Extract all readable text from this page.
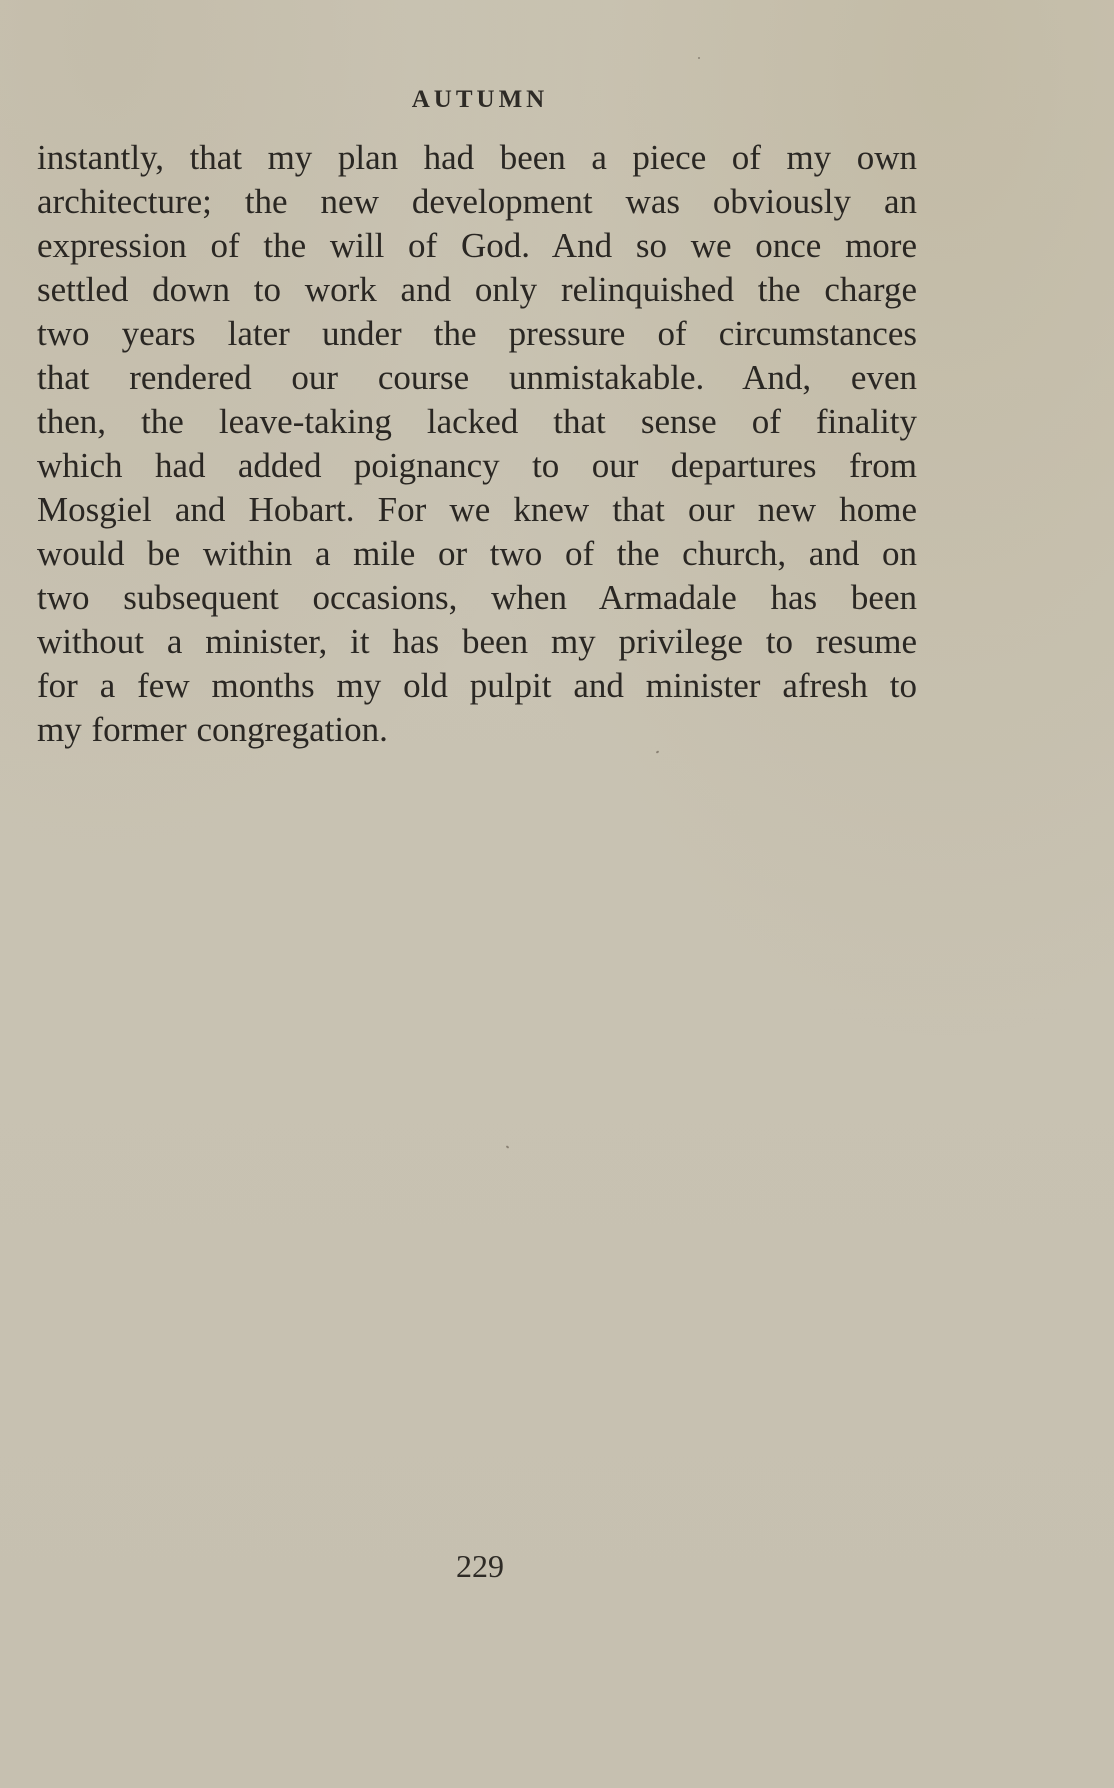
AUTUMN
instantly, that my plan had been a piece of my own
architecture; the new development was obviously an
expression of the will of God. And so we once more
settled down to work and only relinquished the charge
two years later under the pressure of circumstances
that rendered our course unmistakable. And, even
then, the leave-taking lacked that sense of finality
which had added poignancy to our departures from
Mosgiel and Hobart. For we knew that our new home
would be within a mile or two of the church, and on
two subsequent occasions, when Armadale has been
without a minister, it has been my privilege to resume
for a few months my old pulpit and minister afresh to
my former congregation.
229
